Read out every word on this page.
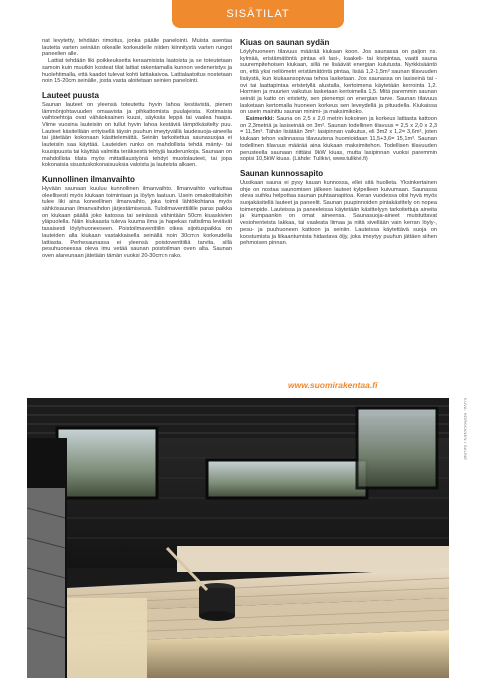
SISÄTILAT

nat levytetty, tehdään rimoitus, jonka päälle panelointi. Muista asentaa lauteita varten seinään oikealle korkeudelle niiden kiinnitystä varten rungot paneelien alle.

Lattiat tehdään liki poikkeuksetta keraamisista laatoista ja se toteutetaan samoin kuin muutkin kosteat tilat lattiat rakentamalla kunnon vedeneristys ja huolehtimalla, että kaadot tulevat kohti lattiakaivoa. Lattialaatoitus nostetaan noin 15-20cm seinälle, josta vasta aloitetaan seinien panelointi.

Lauteet puusta

Saunan lauteet on yleensä toteutettu hyvin lahoa kestävistä, pienen lämmönjohtavuuden omaavista ja pihkattomista puulajeista. Kotimaisia vaihtoehtoja ovat vähäoksainen kuusi, säyksäs leppä tai vaalea haapa. Viime vuosina lauteisiin on tullut hyvin lahoa kestäviä lämpökäsitelty puu. Lauteet käsitellään erityisellä täysin puuhun imeytyvällä laudesuoja-aineella tai jätetään kokonaan käsittelemättä. Seiniin tarkoitettua saunasuojaa ei lauteisiin saa käyttää. Lauteiden runko on mahdollista tehdä mänty- tai kuusipuusta tai käyttää valmiita teräksestä tehtyjä lauderunkoja. Saunaan on mahdollista tilata myös mittatilaustyönä tehdyt muotolauteet, tai jopa kokonaisia sisustuskokonaisuuksia valoista ja lauteista alkaen.

Kunnollinen ilmanvaihto

Hyvään saunaan kuuluu kunnollinen ilmanvaihto. Ilmanvaihto varkuttaa oleellisesti myös kiukaan toimintaan ja löylyn laatuun. Usein omakotitaloihin tulee liki aina koneellinen ilmanvaihto, joka toimii lähtökohtana myös sähkösaunan ilmanvaihdon järjestämisessä. Tuloilmaventtiilille paras paikka on kiukaan päällä joko katossa tai seinässä vähintään 50cm kiuaskivien yläpuolella. Näin kiukaasta tuleva kuuma ilma ja hapekas raitisilma leviävät tasaisesti löylyhuoneeseen. Poistoilmaventtiilin oikea sijoituspaikka on lauteiden alla kiukaan vastakkaisella seinällä noin 30cm:n korkeudella lattiasta. Perhesaunassa ei yleensä poistoventtiiliä tarvita, sillä pesuhuoneessa oleva imu vetää saunan poistoilman oven alta. Saunan oven alareunaan jätetään tämän vuoksi 20-30cm:n rako.

Kiuas on saunan sydän

Löylyhuoneen tilavuus määrää kiukaan koon. Jos saunassa on paljon ns. kylmää, eristämätöntä pintaa eli lasi-, kaakeli- tai kivipintaa, vaatii sauna suurempitehoisen kiukaan, sillä ne lisäävät energian kulutusta. Nyrkkisääntö on, että yksi neliömetri eristämätöntä pintaa, lisää 1,2-1,5m³ saunan tilavuuden lisäystä, kun kiukaansopivaa tehoa lasketaan. Jos saunassa on lasiseinä tai -ovi tai laattapintaa eristetyllä alustalla, kertoimena käytetään kerrointa 1,2. Hormien ja muurien vaikutus lasketaan kertoimella 1,5. Mitä paremmin saunan seinät ja katto on eristetty, sen pienempi on energian tarve. Saunan tilavuus lasketaan kertomalla huoneen korkeus sen leveydellä ja pituudella. Kiukaissa on usein mainittu saunan minimi- ja maksimikoko.

Esimerkki: Sauna on 2,5 x 2,0 metrin kokoinen ja korkeus lattiasta kattoon on 2,3metriä ja lasiseinää on 3m². Saunan todellinen tilavuus = 2,5 x 2,0 x 2,3 = 11,5m³. Tähän lisätään 3m²: lasipinnan vaikutus, eli 3m2 x 1,2= 3,6m³, joten kiukaan tehon valinnassa tilavuutena huomioidaan 11,5+3,6= 15,1m³. Saunan todellinen tilavuus määrää aina kiukaan maksimitehon. Todellisen tilavuuden perusteella saunaan riittäisi 9kW kiuas, mutta lasipinnan vuoksi paremmin sopisi 10,5kW kiuas. (Lähde: Tulikivi, www.tulikivi.fi)

Saunan kunnossapito

Uusikaan sauna ei pysy kauan kunnossa, ellei sitä huolleta. Yksinkertainen ohje on nostaa saunomisen jälkeen lauteet kylpelleen kuivumaan. Saunassa oleva suihku helpottaa saunan puhtaanapitoa. Keran vuodessa olisi hyvä myös suojakäsitellä lauteet ja paneelit. Saunan puupinnoiden pintakäsittely on nopea toimenpide. Lauteissa ja paneeleissa käytetään käsittelyyn tarkoitettuja aineita ja kumpaankin on omat aineensa. Saunasuoja-aineet muistuttavat vesiohenteista lakkaa, tai vaaleata liimaa ja niitä sivellään vain kerran löyly-, pesu- ja puuhuoneen kattoon ja seiniin. Lauteissa käytettävä suoja on koostumista ja liikaantumista hidastava öljy, joka imeytyy puuhun jättäen siihen pehmoisen pinnan.

www.suomirakentaa.fi
KUVA: HORKKANEN / SAUNE
